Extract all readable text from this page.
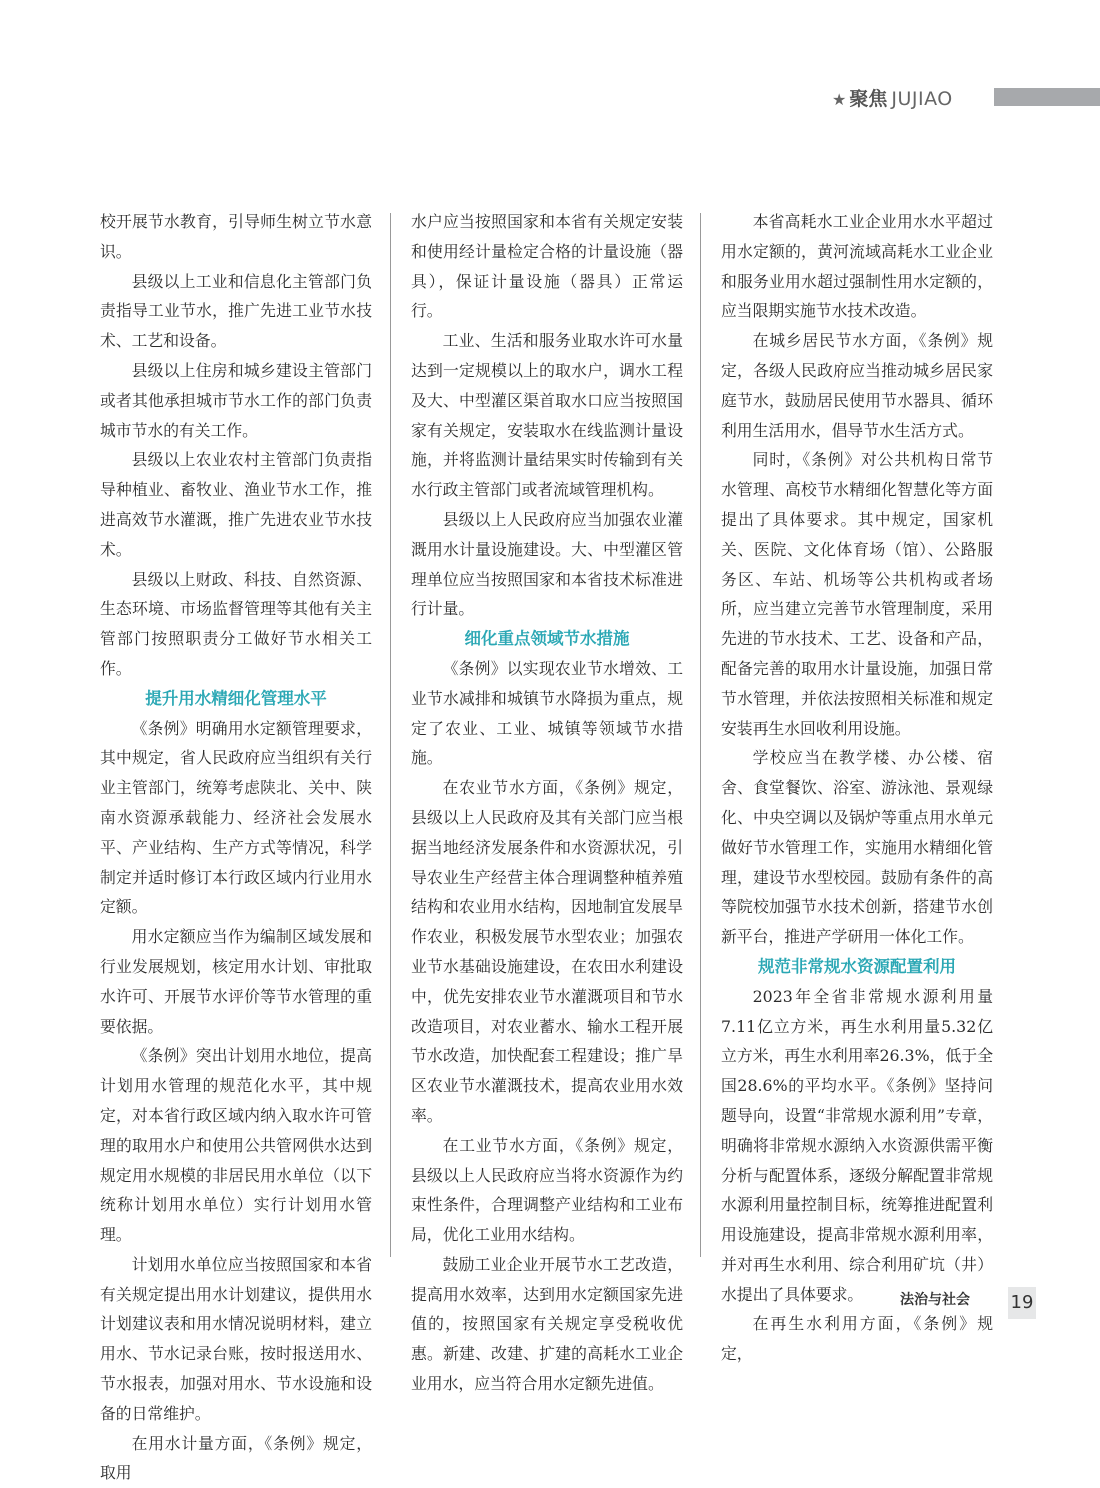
★ 聚焦 JUJIAO

校开展节水教育，引导师生树立节水意识。

县级以上工业和信息化主管部门负责指导工业节水，推广先进工业节水技术、工艺和设备。

县级以上住房和城乡建设主管部门或者其他承担城市节水工作的部门负责城市节水的有关工作。

县级以上农业农村主管部门负责指导种植业、畜牧业、渔业节水工作，推进高效节水灌溉，推广先进农业节水技术。

县级以上财政、科技、自然资源、生态环境、市场监督管理等其他有关主管部门按照职责分工做好节水相关工作。

提升用水精细化管理水平

《条例》明确用水定额管理要求，其中规定，省人民政府应当组织有关行业主管部门，统筹考虑陕北、关中、陕南水资源承载能力、经济社会发展水平、产业结构、生产方式等情况，科学制定并适时修订本行政区域内行业用水定额。

用水定额应当作为编制区域发展和行业发展规划，核定用水计划、审批取水许可、开展节水评价等节水管理的重要依据。

《条例》突出计划用水地位，提高计划用水管理的规范化水平，其中规定，对本省行政区域内纳入取水许可管理的取用水户和使用公共管网供水达到规定用水规模的非居民用水单位（以下统称计划用水单位）实行计划用水管理。

计划用水单位应当按照国家和本省有关规定提出用水计划建议，提供用水计划建议表和用水情况说明材料，建立用水、节水记录台账，按时报送用水、节水报表，加强对用水、节水设施和设备的日常维护。

在用水计量方面，《条例》规定，取用

水户应当按照国家和本省有关规定安装和使用经计量检定合格的计量设施（器具），保证计量设施（器具）正常运行。

工业、生活和服务业取水许可水量达到一定规模以上的取水户，调水工程及大、中型灌区渠首取水口应当按照国家有关规定，安装取水在线监测计量设施，并将监测计量结果实时传输到有关水行政主管部门或者流域管理机构。

县级以上人民政府应当加强农业灌溉用水计量设施建设。大、中型灌区管理单位应当按照国家和本省技术标准进行计量。

细化重点领域节水措施

《条例》以实现农业节水增效、工业节水减排和城镇节水降损为重点，规定了农业、工业、城镇等领域节水措施。

在农业节水方面，《条例》规定，县级以上人民政府及其有关部门应当根据当地经济发展条件和水资源状况，引导农业生产经营主体合理调整种植养殖结构和农业用水结构，因地制宜发展旱作农业，积极发展节水型农业；加强农业节水基础设施建设，在农田水利建设中，优先安排农业节水灌溉项目和节水改造项目，对农业蓄水、输水工程开展节水改造，加快配套工程建设；推广旱区农业节水灌溉技术，提高农业用水效率。

在工业节水方面，《条例》规定，县级以上人民政府应当将水资源作为约束性条件，合理调整产业结构和工业布局，优化工业用水结构。

鼓励工业企业开展节水工艺改造，提高用水效率，达到用水定额国家先进值的，按照国家有关规定享受税收优惠。新建、改建、扩建的高耗水工业企业用水，应当符合用水定额先进值。

本省高耗水工业企业用水水平超过用水定额的，黄河流域高耗水工业企业和服务业用水超过强制性用水定额的，应当限期实施节水技术改造。

在城乡居民节水方面，《条例》规定，各级人民政府应当推动城乡居民家庭节水，鼓励居民使用节水器具、循环利用生活用水，倡导节水生活方式。

同时，《条例》对公共机构日常节水管理、高校节水精细化智慧化等方面提出了具体要求。其中规定，国家机关、医院、文化体育场（馆）、公路服务区、车站、机场等公共机构或者场所，应当建立完善节水管理制度，采用先进的节水技术、工艺、设备和产品，配备完善的取用水计量设施，加强日常节水管理，并依法按照相关标准和规定安装再生水回收利用设施。

学校应当在教学楼、办公楼、宿舍、食堂餐饮、浴室、游泳池、景观绿化、中央空调以及锅炉等重点用水单元做好节水管理工作，实施用水精细化管理，建设节水型校园。鼓励有条件的高等院校加强节水技术创新，搭建节水创新平台，推进产学研用一体化工作。

规范非常规水资源配置利用

2023年全省非常规水源利用量7.11亿立方米，再生水利用量5.32亿立方米，再生水利用率26.3%，低于全国28.6%的平均水平。《条例》坚持问题导向，设置“非常规水源利用”专章，明确将非常规水源纳入水资源供需平衡分析与配置体系，逐级分解配置非常规水源利用量控制目标，统筹推进配置利用设施建设，提高非常规水源利用率，并对再生水利用、综合利用矿坑（井）水提出了具体要求。

在再生水利用方面，《条例》规定，

法治与社会 19
